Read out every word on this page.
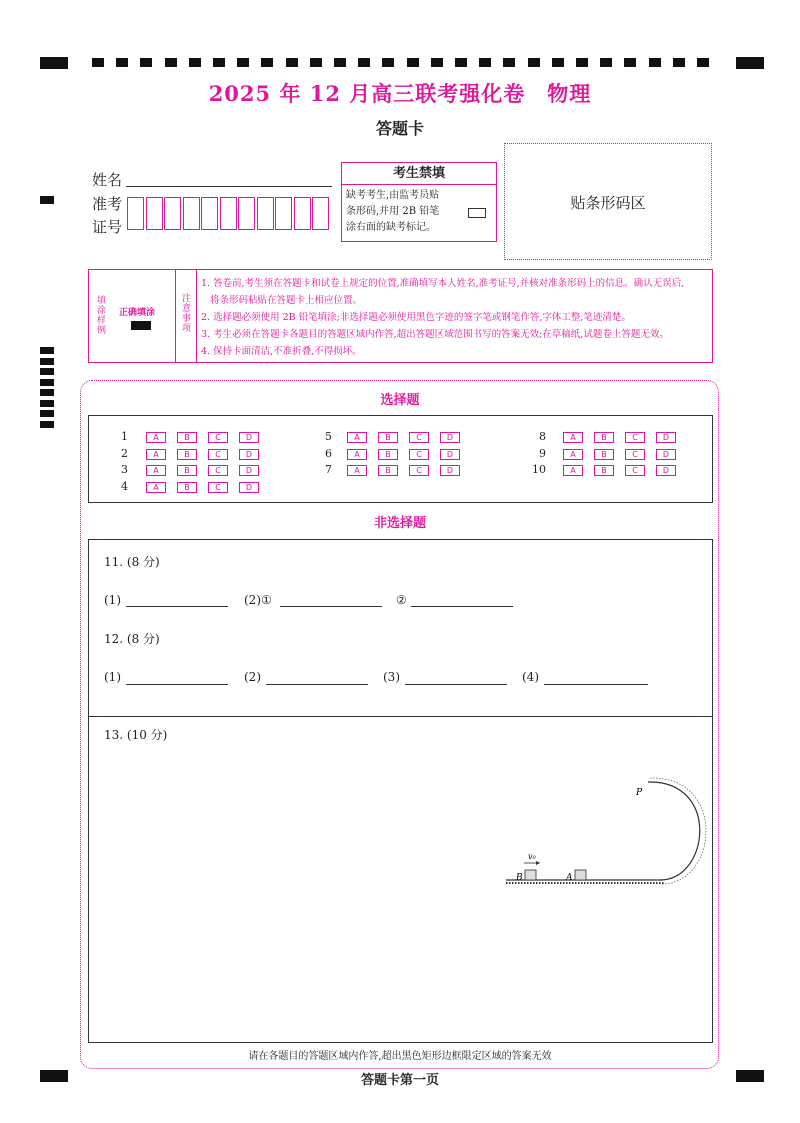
2025 年 12 月高三联考强化卷　物理
答题卡
姓名
准考
证号
考生禁填
缺考考生,由监考员贴
条形码,并用 2B 铅笔
涂右面的缺考标记。
贴条形码区
填涂样例
正确填涂
注意事项
1. 答卷前,考生须在答题卡和试卷上规定的位置,准确填写本人姓名,准考证号,并核对准条形码上的信息。确认无误后,
将条形码粘贴在答题卡上相应位置。
2. 选择题必须使用 2B 铅笔填涂;非选择题必须使用黑色字迹的签字笔或钢笔作答,字体工整,笔迹清楚。
3. 考生必须在答题卡各题目的答题区域内作答,超出答题区域范围书写的答案无效;在草稿纸,试题卷上答题无效。
4. 保持卡面清洁,不准折叠,不得损坏。
选择题
1	A	B	C	D
2	A	B	C	D
3	A	B	C	D
4	A	B	C	D
5	A	B	C	D
6	A	B	C	D
7	A	B	C	D
8	A	B	C	D
9	A	B	C	D
10	A	B	C	D
非选择题
11. (8 分)
(1)	(2)①	②
12. (8 分)
(1)	(2)	(3)	(4)
13. (10 分)
v₀
B	A
P
请在各题目的答题区域内作答,超出黑色矩形边框限定区域的答案无效
答题卡第一页
